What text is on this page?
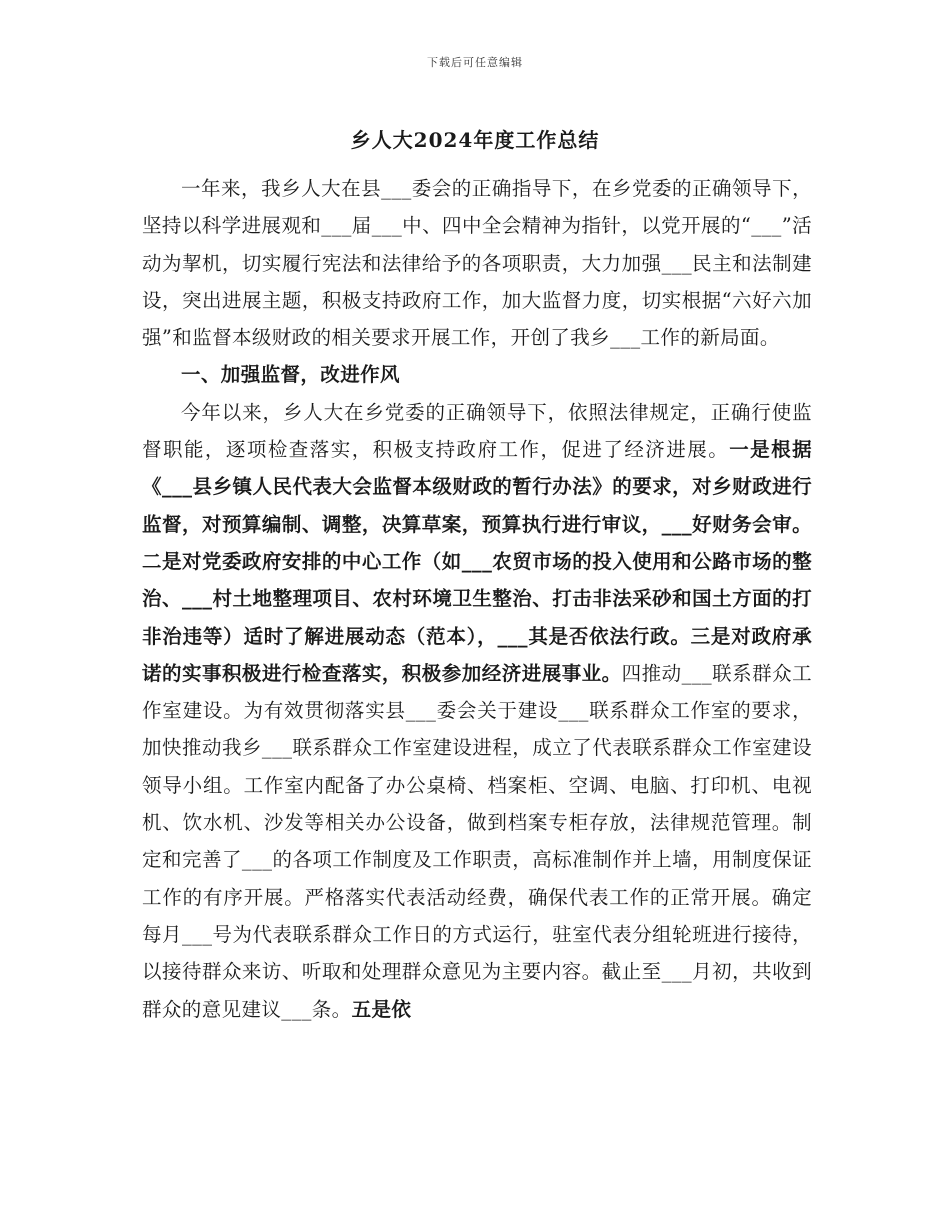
下载后可任意编辑
乡人大2024年度工作总结

一年来，我乡人大在县___委会的正确指导下，在乡党委的正确领导下，坚持以科学进展观和___届___中、四中全会精神为指针，以党开展的“___”活动为挈机，切实履行宪法和法律给予的各项职责，大力加强___民主和法制建设，突出进展主题，积极支持政府工作，加大监督力度，切实根据“六好六加强”和监督本级财政的相关要求开展工作，开创了我乡___工作的新局面。

一、加强监督，改进作风

今年以来，乡人大在乡党委的正确领导下，依照法律规定，正确行使监督职能，逐项检查落实，积极支持政府工作，促进了经济进展。一是根据《___县乡镇人民代表大会监督本级财政的暂行办法》的要求，对乡财政进行监督，对预算编制、调整，决算草案，预算执行进行审议，___好财务会审。二是对党委政府安排的中心工作（如___农贸市场的投入使用和公路市场的整治、___村土地整理项目、农村环境卫生整治、打击非法采砂和国土方面的打非治违等）适时了解进展动态（范本），___其是否依法行政。三是对政府承诺的实事积极进行检查落实，积极参加经济进展事业。四推动___联系群众工作室建设。为有效贯彻落实县___委会关于建设___联系群众工作室的要求，加快推动我乡___联系群众工作室建设进程，成立了代表联系群众工作室建设领导小组。工作室内配备了办公桌椅、档案柜、空调、电脑、打印机、电视机、饮水机、沙发等相关办公设备，做到档案专柜存放，法律规范管理。制定和完善了___的各项工作制度及工作职责，高标准制作并上墙，用制度保证工作的有序开展。严格落实代表活动经费，确保代表工作的正常开展。确定每月___号为代表联系群众工作日的方式运行，驻室代表分组轮班进行接待，以接待群众来访、听取和处理群众意见为主要内容。截止至___月初，共收到群众的意见建议___条。五是依
